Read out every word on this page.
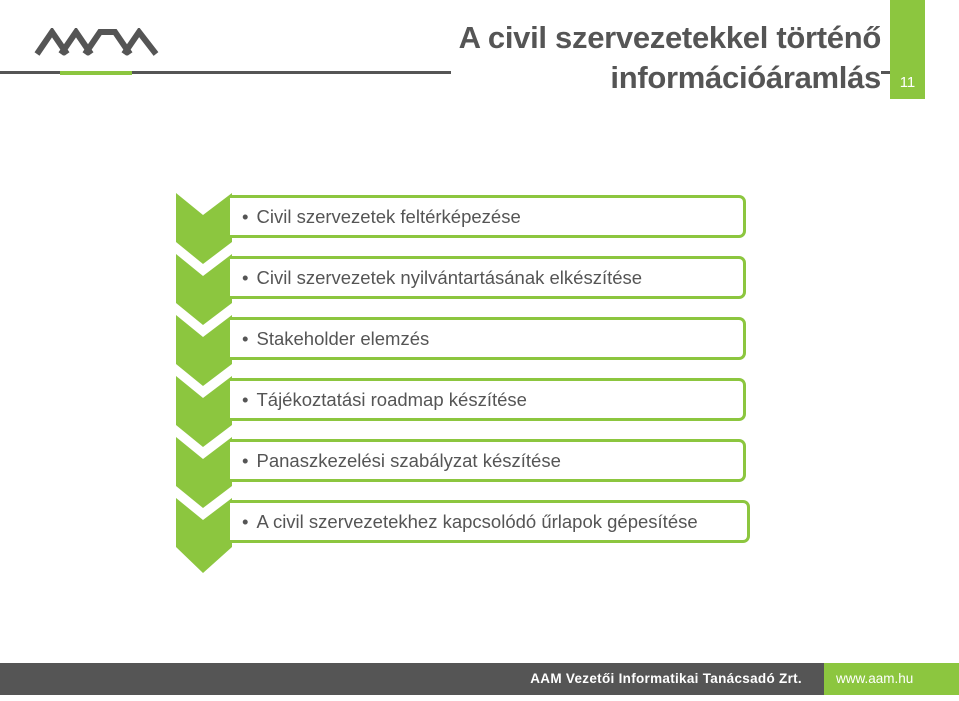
A civil szervezetekkel történő
információáramlás	11
• Civil szervezetek feltérképezése
• Civil szervezetek nyilvántartásának elkészítése
• Stakeholder elemzés
• Tájékoztatási roadmap készítése
• Panaszkezelési szabályzat készítése
• A civil szervezetekhez kapcsolódó űrlapok gépesítése
AAM Vezetői Informatikai Tanácsadó Zrt.	www.aam.hu
